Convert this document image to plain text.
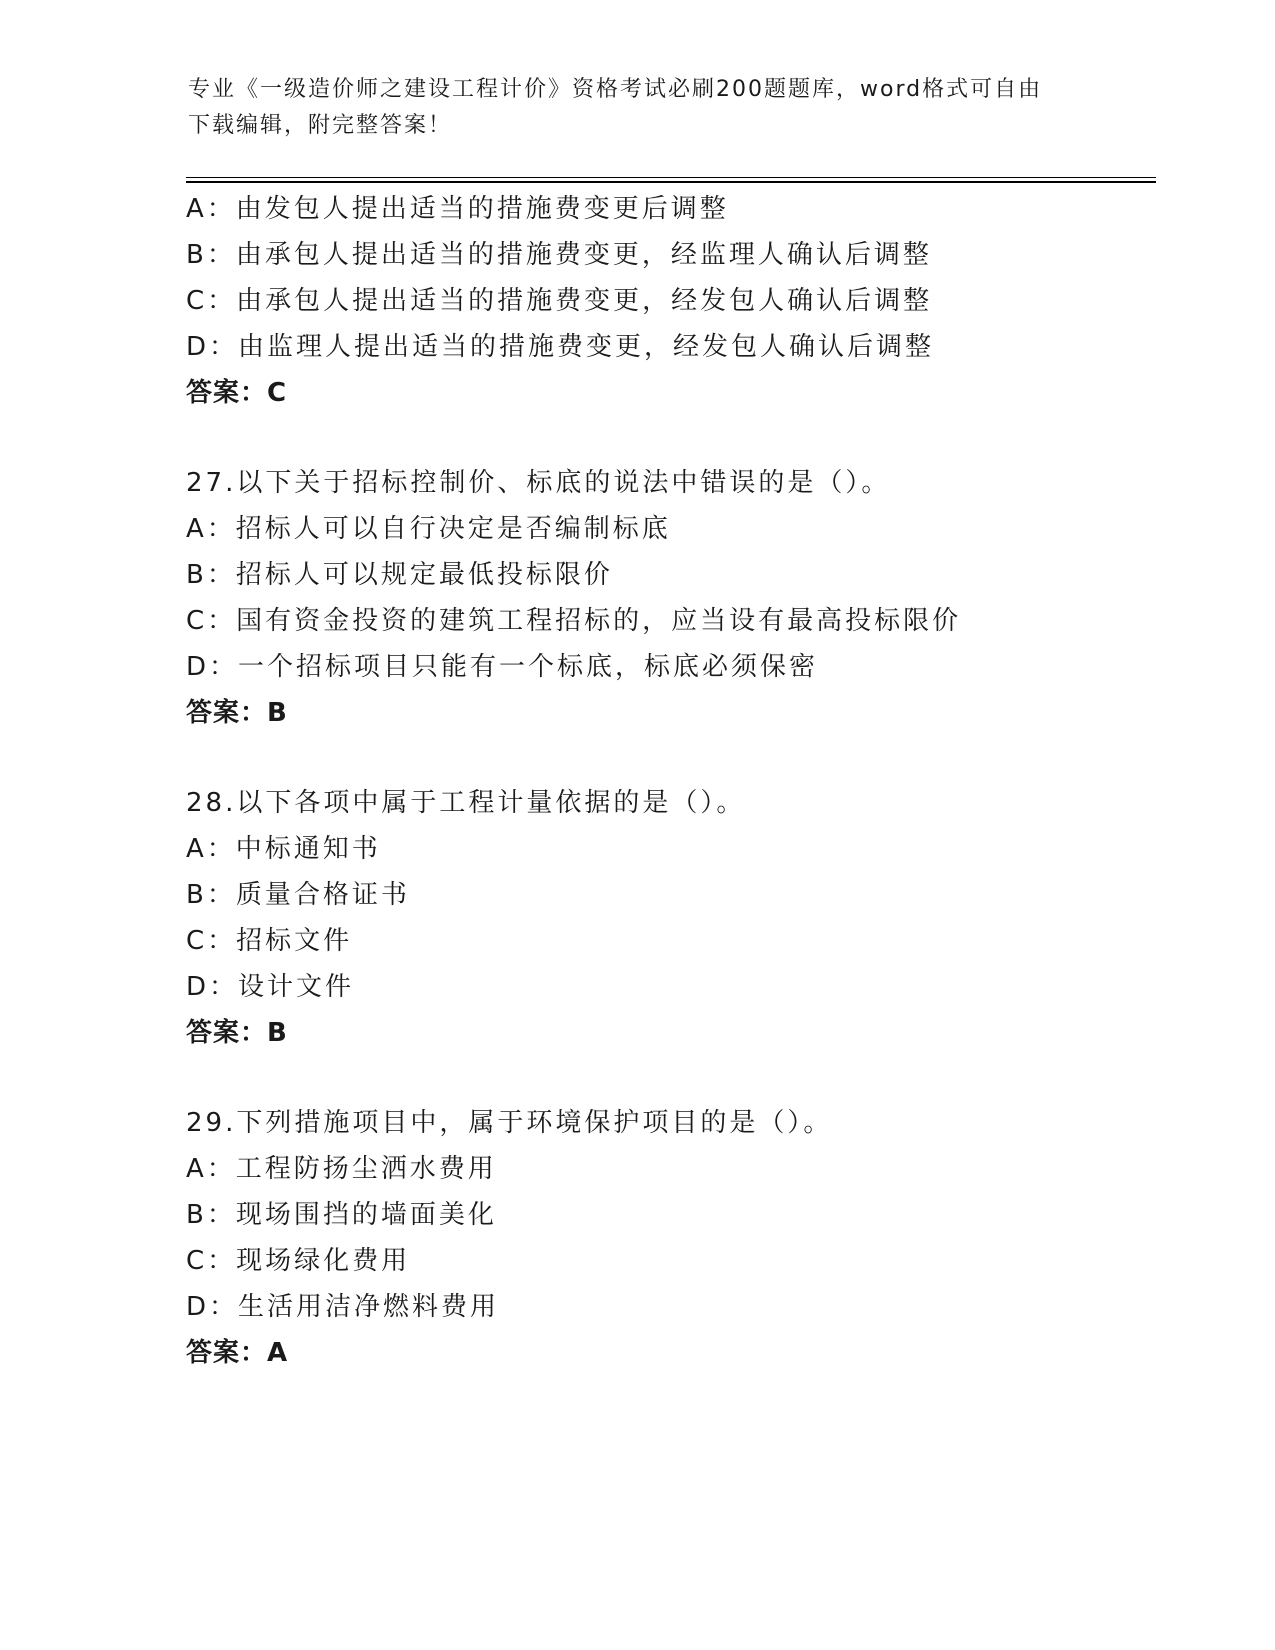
专业《一级造价师之建设工程计价》资格考试必刷200题题库，word格式可自由
下载编辑，附完整答案！
A：由发包人提出适当的措施费变更后调整
B：由承包人提出适当的措施费变更，经监理人确认后调整
C：由承包人提出适当的措施费变更，经发包人确认后调整
D：由监理人提出适当的措施费变更，经发包人确认后调整
答案：C
27.以下关于招标控制价、标底的说法中错误的是（）。
A：招标人可以自行决定是否编制标底
B：招标人可以规定最低投标限价
C：国有资金投资的建筑工程招标的，应当设有最高投标限价
D：一个招标项目只能有一个标底，标底必须保密
答案：B
28.以下各项中属于工程计量依据的是（）。
A：中标通知书
B：质量合格证书
C：招标文件
D：设计文件
答案：B
29.下列措施项目中，属于环境保护项目的是（）。
A：工程防扬尘洒水费用
B：现场围挡的墙面美化
C：现场绿化费用
D：生活用洁净燃料费用
答案：A
